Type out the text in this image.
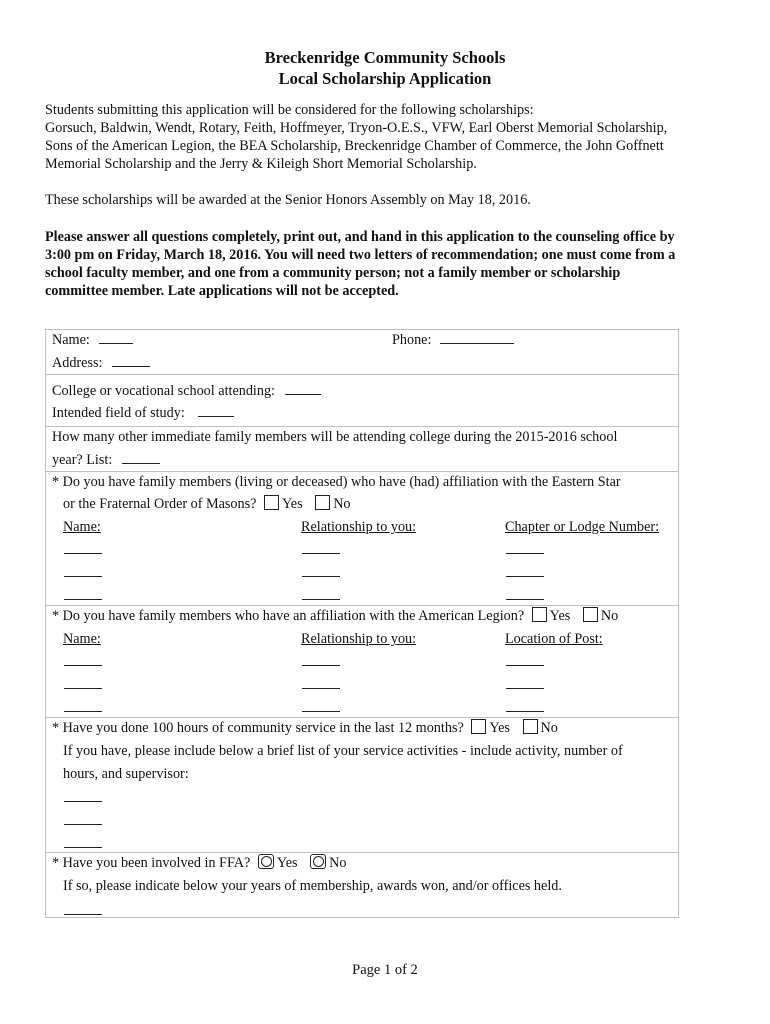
Breckenridge Community Schools
Local Scholarship Application
Students submitting this application will be considered for the following scholarships:
Gorsuch, Baldwin, Wendt, Rotary, Feith, Hoffmeyer, Tryon-O.E.S., VFW, Earl Oberst Memorial Scholarship,
Sons of the American Legion, the BEA Scholarship, Breckenridge Chamber of Commerce, the John Goffnett
Memorial Scholarship and the Jerry & Kileigh Short Memorial Scholarship.
These scholarships will be awarded at the Senior Honors Assembly on May 18, 2016.
Please answer all questions completely, print out, and hand in this application to the counseling office by
3:00 pm on Friday, March 18, 2016. You will need two letters of recommendation; one must come from a
school faculty member, and one from a community person; not a family member or scholarship
committee member. Late applications will not be accepted.
Name:	Phone:
Address:
College or vocational school attending:
Intended field of study:
How many other immediate family members will be attending college during the 2015-2016 school
year? List:
* Do you have family members (living or deceased) who have (had) affiliation with the Eastern Star
or the Fraternal Order of Masons? Yes No
Name:	Relationship to you:	Chapter or Lodge Number:
* Do you have family members who have an affiliation with the American Legion? Yes No
Name:	Relationship to you:	Location of Post:
* Have you done 100 hours of community service in the last 12 months? Yes No
If you have, please include below a brief list of your service activities - include activity, number of
hours, and supervisor:
* Have you been involved in FFA? Yes No
If so, please indicate below your years of membership, awards won, and/or offices held.
Page 1 of 2
